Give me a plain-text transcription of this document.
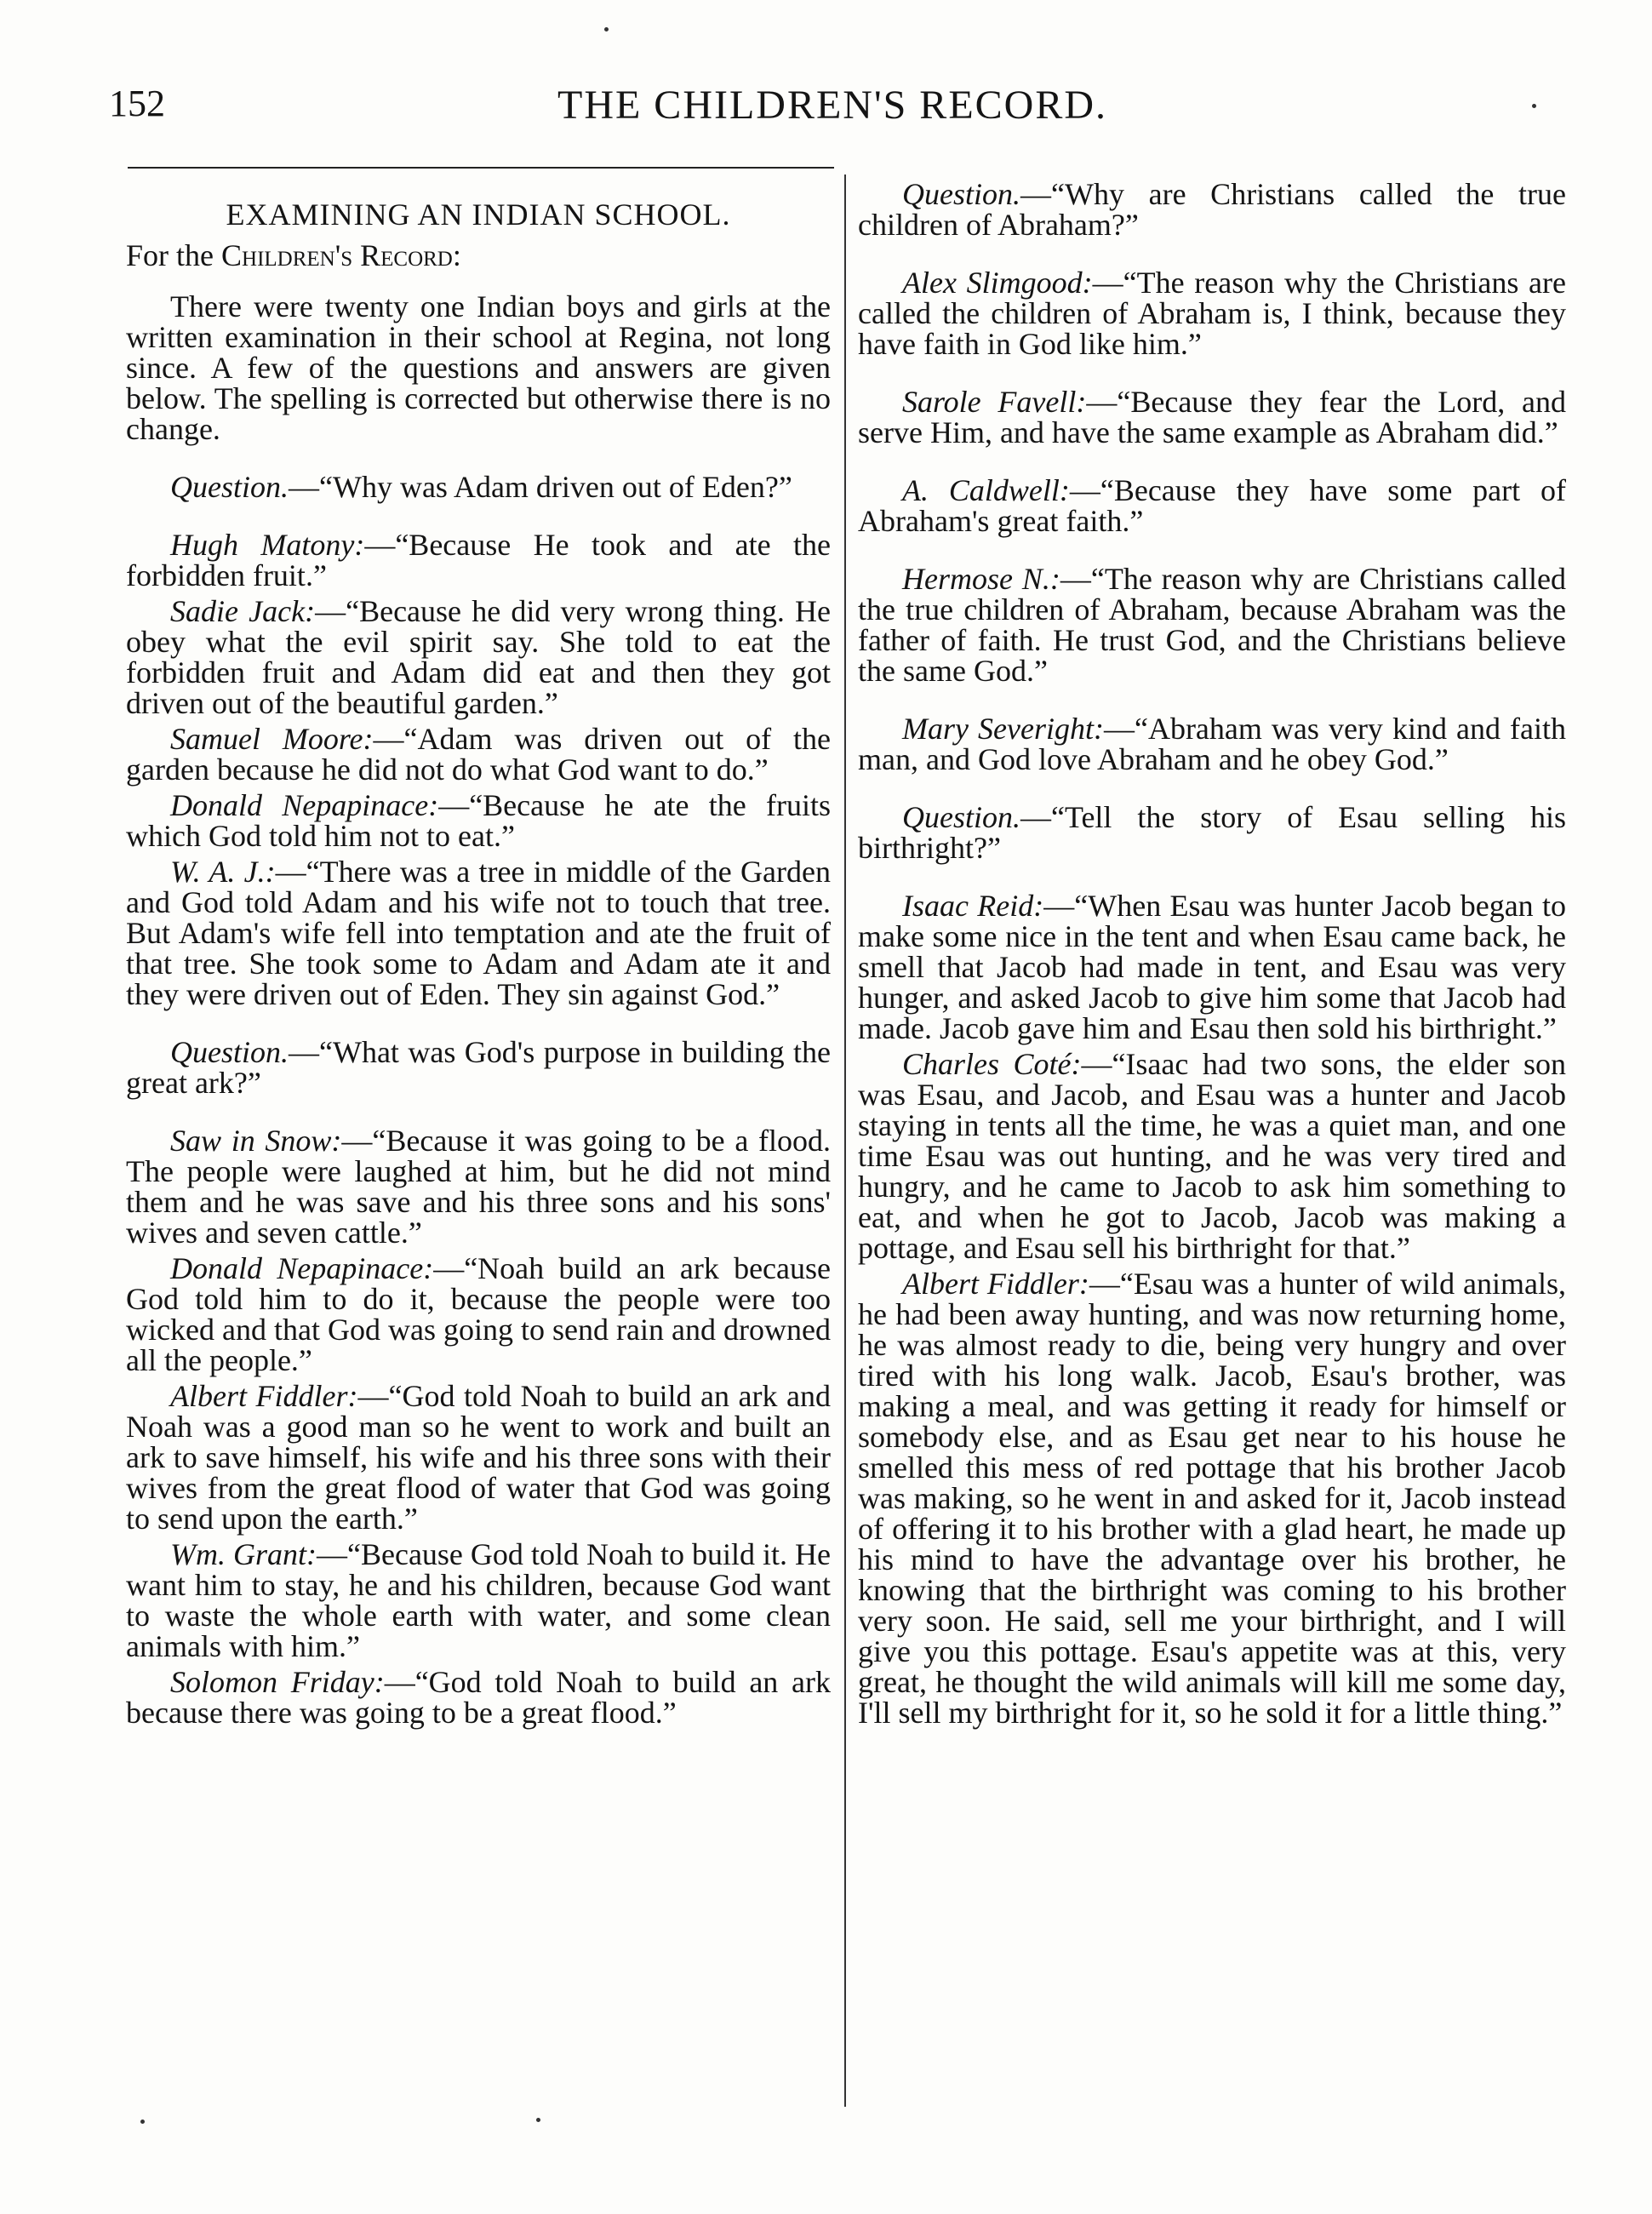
152	THE CHILDREN'S RECORD.
EXAMINING AN INDIAN SCHOOL.
For the Children's Record:

There were twenty one Indian boys and girls at the written examination in their school at Regina, not long since. A few of the questions and answers are given below. The spelling is corrected but otherwise there is no change.

Question.—“Why was Adam driven out of Eden?”

Hugh Matony:—“Because He took and ate the forbidden fruit.”

Sadie Jack:—“Because he did very wrong thing. He obey what the evil spirit say. She told to eat the forbidden fruit and Adam did eat and then they got driven out of the beautiful garden.”

Samuel Moore:—“Adam was driven out of the garden because he did not do what God want to do.”

Donald Nepapinace:—“Because he ate the fruits which God told him not to eat.”

W. A. J.:—“There was a tree in middle of the Garden and God told Adam and his wife not to touch that tree. But Adam's wife fell into temptation and ate the fruit of that tree. She took some to Adam and Adam ate it and they were driven out of Eden. They sin against God.”

Question.—“What was God's purpose in building the great ark?”

Saw in Snow:—“Because it was going to be a flood. The people were laughed at him, but he did not mind them and he was save and his three sons and his sons' wives and seven cattle.”

Donald Nepapinace:—“Noah build an ark because God told him to do it, because the people were too wicked and that God was going to send rain and drowned all the people.”

Albert Fiddler:—“God told Noah to build an ark and Noah was a good man so he went to work and built an ark to save himself, his wife and his three sons with their wives from the great flood of water that God was going to send upon the earth.”

Wm. Grant:—“Because God told Noah to build it. He want him to stay, he and his children, because God want to waste the whole earth with water, and some clean animals with him.”

Solomon Friday:—“God told Noah to build an ark because there was going to be a great flood.”

Question.—“Why are Christians called the true children of Abraham?”

Alex Slimgood:—“The reason why the Christians are called the children of Abraham is, I think, because they have faith in God like him.”

Sarole Favell:—“Because they fear the Lord, and serve Him, and have the same example as Abraham did.”

A. Caldwell:—“Because they have some part of Abraham's great faith.”

Hermose N.:—“The reason why are Christians called the true children of Abraham, because Abraham was the father of faith. He trust God, and the Christians believe the same God.”

Mary Severight:—“Abraham was very kind and faith man, and God love Abraham and he obey God.”

Question.—“Tell the story of Esau selling his birthright?”

Isaac Reid:—“When Esau was hunter Jacob began to make some nice in the tent and when Esau came back, he smell that Jacob had made in tent, and Esau was very hunger, and asked Jacob to give him some that Jacob had made. Jacob gave him and Esau then sold his birthright.”

Charles Coté:—“Isaac had two sons, the elder son was Esau, and Jacob, and Esau was a hunter and Jacob staying in tents all the time, he was a quiet man, and one time Esau was out hunting, and he was very tired and hungry, and he came to Jacob to ask him something to eat, and when he got to Jacob, Jacob was making a pottage, and Esau sell his birthright for that.”

Albert Fiddler:—“Esau was a hunter of wild animals, he had been away hunting, and was now returning home, he was almost ready to die, being very hungry and over tired with his long walk. Jacob, Esau's brother, was making a meal, and was getting it ready for himself or somebody else, and as Esau get near to his house he smelled this mess of red pottage that his brother Jacob was making, so he went in and asked for it, Jacob instead of offering it to his brother with a glad heart, he made up his mind to have the advantage over his brother, he knowing that the birthright was coming to his brother very soon. He said, sell me your birthright, and I will give you this pottage. Esau's appetite was at this, very great, he thought the wild animals will kill me some day, I'll sell my birthright for it, so he sold it for a little thing.”
